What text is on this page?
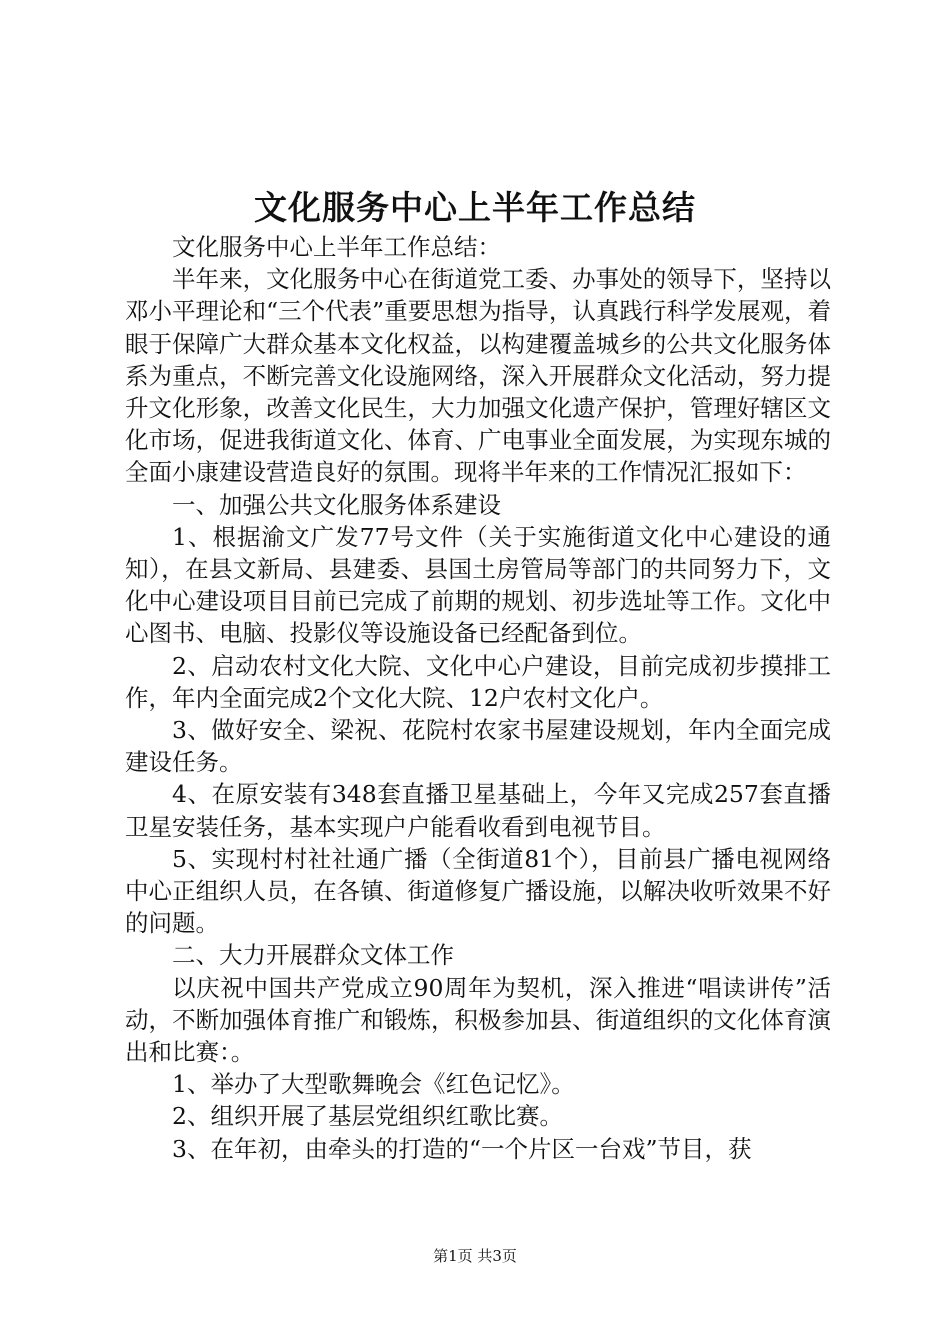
文化服务中心上半年工作总结

文化服务中心上半年工作总结：

半年来，文化服务中心在街道党工委、办事处的领导下，坚持以邓小平理论和“三个代表”重要思想为指导，认真践行科学发展观，着眼于保障广大群众基本文化权益，以构建覆盖城乡的公共文化服务体系为重点，不断完善文化设施网络，深入开展群众文化活动，努力提升文化形象，改善文化民生，大力加强文化遗产保护，管理好辖区文化市场，促进我街道文化、体育、广电事业全面发展，为实现东城的全面小康建设营造良好的氛围。现将半年来的工作情况汇报如下：

一、加强公共文化服务体系建设

1、根据渝文广发77号文件（关于实施街道文化中心建设的通知），在县文新局、县建委、县国土房管局等部门的共同努力下，文化中心建设项目目前已完成了前期的规划、初步选址等工作。文化中心图书、电脑、投影仪等设施设备已经配备到位。

2、启动农村文化大院、文化中心户建设，目前完成初步摸排工作，年内全面完成2个文化大院、12户农村文化户。

3、做好安全、梁祝、花院村农家书屋建设规划，年内全面完成建设任务。

4、在原安装有348套直播卫星基础上，今年又完成257套直播卫星安装任务，基本实现户户能看收看到电视节目。

5、实现村村社社通广播（全街道81个），目前县广播电视网络中心正组织人员，在各镇、街道修复广播设施，以解决收听效果不好的问题。

二、大力开展群众文体工作

以庆祝中国共产党成立90周年为契机，深入推进“唱读讲传”活动，不断加强体育推广和锻炼，积极参加县、街道组织的文化体育演出和比赛：。

1、举办了大型歌舞晚会《红色记忆》。

2、组织开展了基层党组织红歌比赛。

3、在年初，由牵头的打造的“一个片区一台戏”节目，获

第1页 共3页
